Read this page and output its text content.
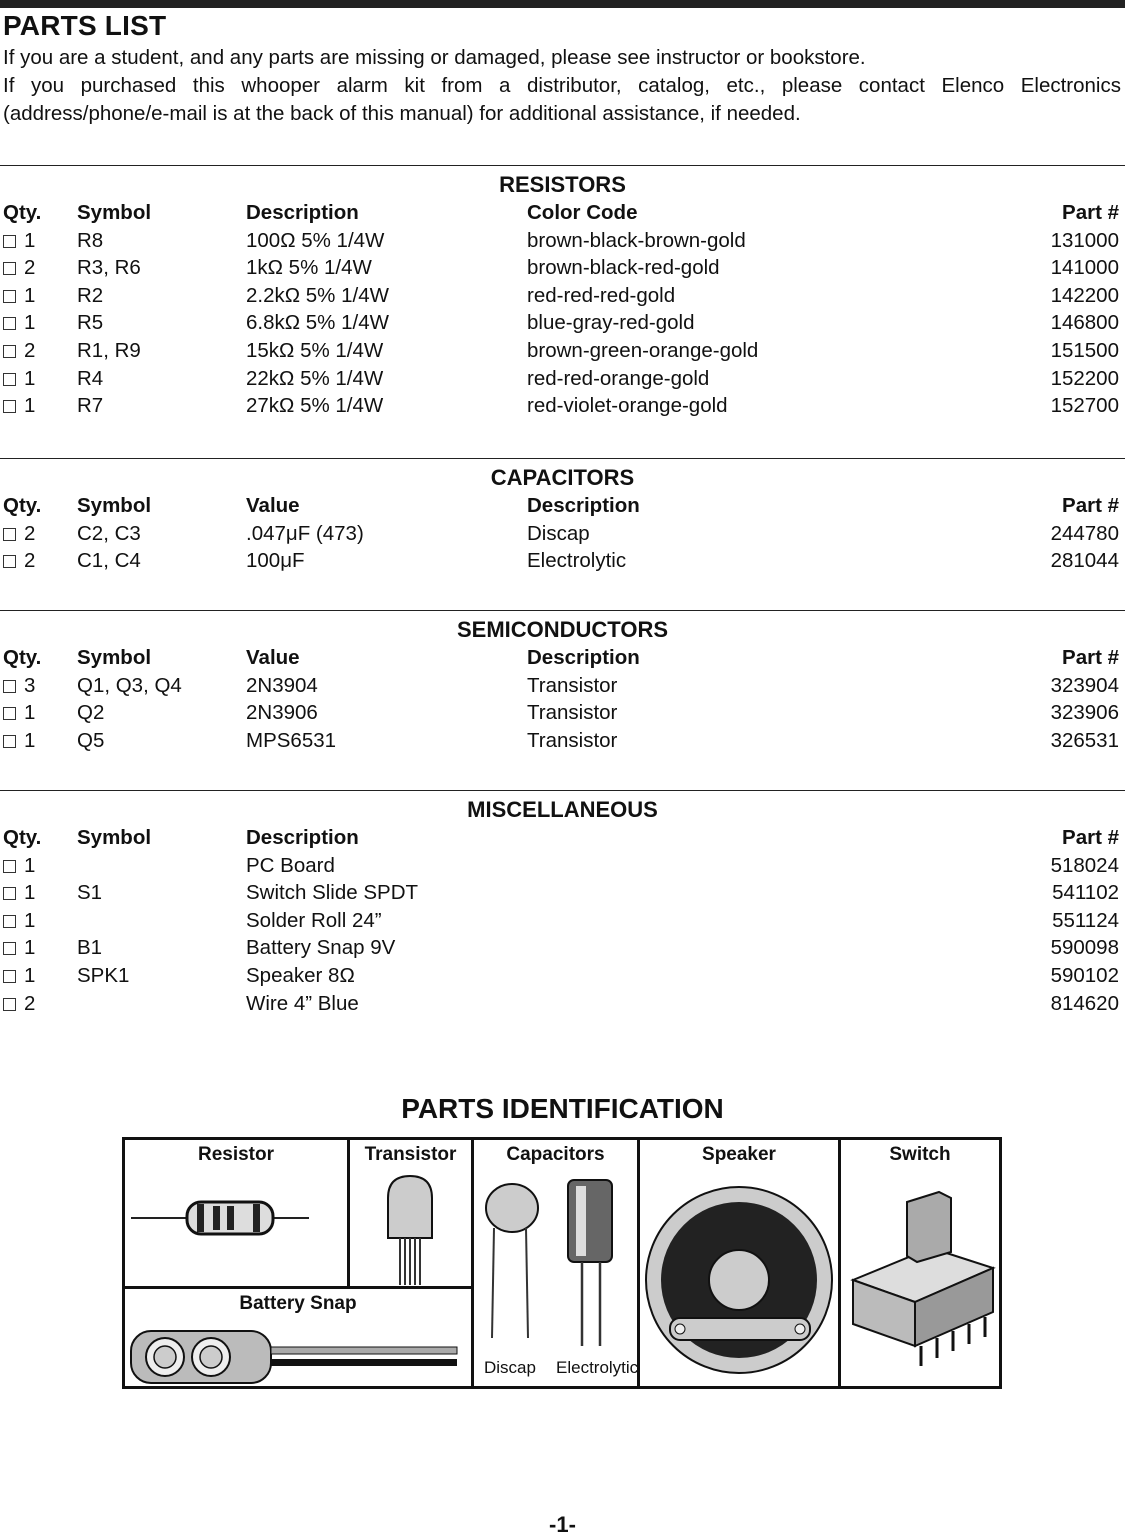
PARTS LIST

If you are a student, and any parts are missing or damaged, please see instructor or bookstore.

If you purchased this whooper alarm kit from a distributor, catalog, etc., please contact Elenco Electronics

(address/phone/e-mail is at the back of this manual) for additional assistance, if needed.

RESISTORS
Qty. Symbol	Description	Color Code	Part #
1 R8	100Ω 5% 1/4W	brown-black-brown-gold	131000
2 R3, R6	1kΩ 5% 1/4W	brown-black-red-gold	141000
1 R2	2.2kΩ 5% 1/4W	red-red-red-gold	142200
1 R5	6.8kΩ 5% 1/4W	blue-gray-red-gold	146800
2 R1, R9	15kΩ 5% 1/4W	brown-green-orange-gold	151500
1 R4	22kΩ 5% 1/4W	red-red-orange-gold	152200
1 R7	27kΩ 5% 1/4W	red-violet-orange-gold	152700
CAPACITORS
Qty. Symbol	Value	Description	Part #
2 C2, C3	.047μF (473)	Discap	244780
2 C1, C4	100μF	Electrolytic	281044
SEMICONDUCTORS
Qty. Symbol	Value	Description	Part #
3 Q1, Q3, Q4	2N3904	Transistor	323904
1 Q2	2N3906	Transistor	323906
1 Q5	MPS6531	Transistor	326531
MISCELLANEOUS
Qty. Symbol	Description	Part #
1	PC Board	518024
1 S1	Switch Slide SPDT	541102
1	Solder Roll 24”	551124
1 B1	Battery Snap 9V	590098
1 SPK1	Speaker 8Ω	590102
2	Wire 4” Blue	814620
PARTS IDENTIFICATION
Resistor	Transistor
Battery Snap
Capacitors
Discap Electrolytic
Speaker	Switch
-1-
